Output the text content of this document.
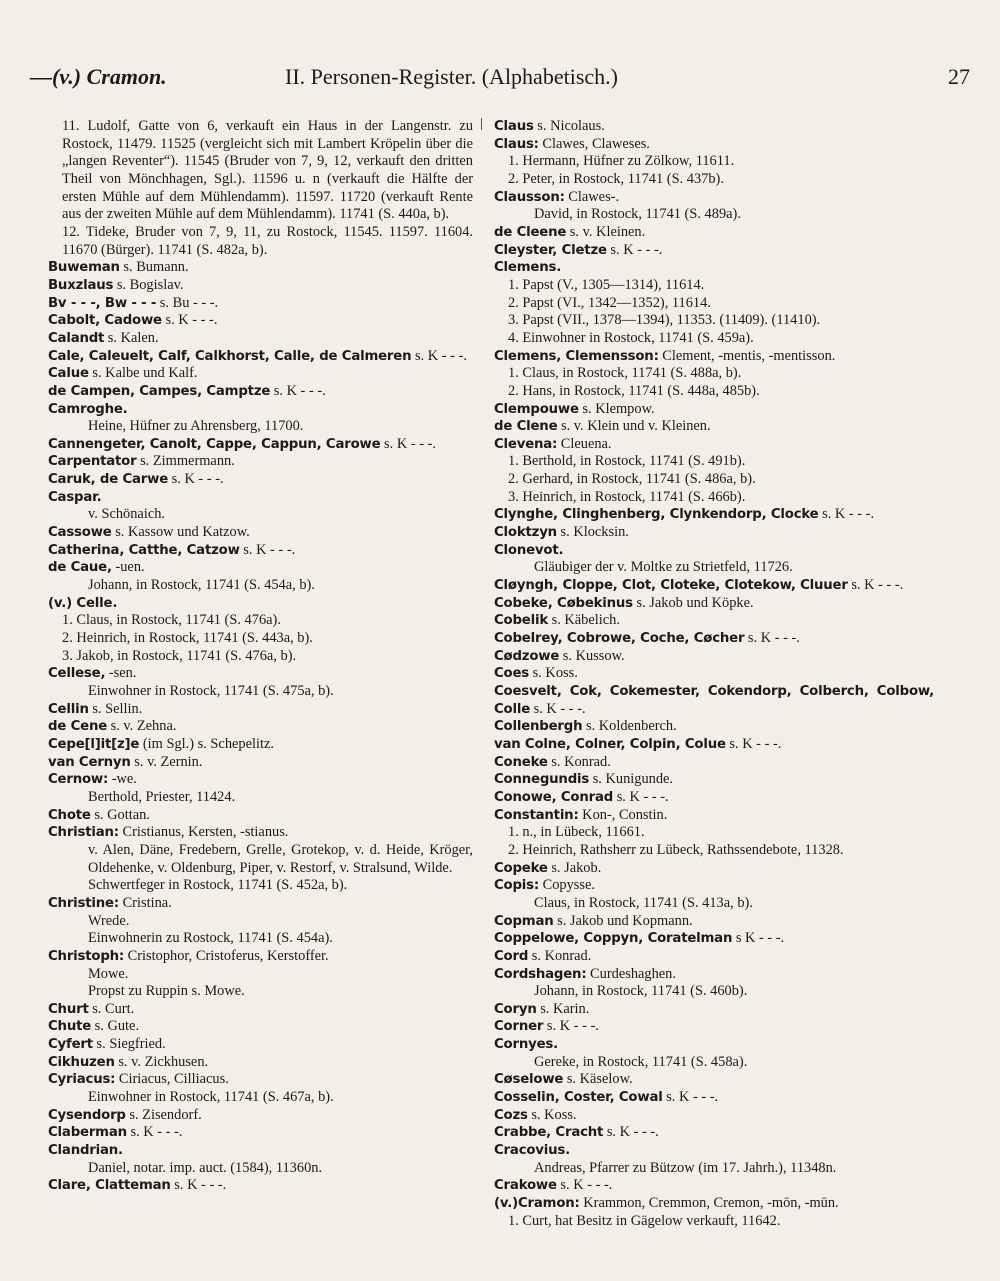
—(v.) Cramon.	II. Personen-Register. (Alphabetisch.)	27

11. Ludolf, Gatte von 6, verkauft ein Haus in der Langenstr. zu Rostock, 11479. 11525 (vergleicht sich mit Lambert Kröpelin über die „langen Reventer“). 11545 (Bruder von 7, 9, 12, verkauft den dritten Theil von Mönchhagen, Sgl.). 11596 u. n (verkauft die Hälfte der ersten Mühle auf dem Mühlendamm). 11597. 11720 (verkauft Rente aus der zweiten Mühle auf dem Mühlendamm). 11741 (S. 440a, b).

12. Tideke, Bruder von 7, 9, 11, zu Rostock, 11545. 11597. 11604. 11670 (Bürger). 11741 (S. 482a, b).

Buweman s. Bumann.

Buxzlaus s. Bogislav.

Bv - - -, Bw - - - s. Bu - - -.

Cabolt, Cadowe s. K - - -.

Calandt s. Kalen.

Cale, Caleuelt, Calf, Calkhorst, Calle, de Calmeren s. K - - -.

Calue s. Kalbe und Kalf.

de Campen, Campes, Camptze s. K - - -.

Camroghe.

Heine, Hüfner zu Ahrensberg, 11700.

Cannengeter, Canolt, Cappe, Cappun, Carowe s. K - - -.

Carpentator s. Zimmermann.

Caruk, de Carwe s. K - - -.

Caspar.

v. Schönaich.

Cassowe s. Kassow und Katzow.

Catherina, Catthe, Catzow s. K - - -.

de Caue, -uen.

Johann, in Rostock, 11741 (S. 454a, b).

(v.) Celle.

1. Claus, in Rostock, 11741 (S. 476a).

2. Heinrich, in Rostock, 11741 (S. 443a, b).

3. Jakob, in Rostock, 11741 (S. 476a, b).

Cellese, -sen.

Einwohner in Rostock, 11741 (S. 475a, b).

Cellin s. Sellin.

de Cene s. v. Zehna.

Cepe[l]it[z]e (im Sgl.) s. Schepelitz.

van Cernyn s. v. Zernin.

Cernow: -we.

Berthold, Priester, 11424.

Chote s. Gottan.

Christian: Cristianus, Kersten, -stianus.

v. Alen, Däne, Fredebern, Grelle, Grotekop, v. d. Heide, Kröger, Oldehenke, v. Oldenburg, Piper, v. Restorf, v. Stralsund, Wilde.

Schwertfeger in Rostock, 11741 (S. 452a, b).

Christine: Cristina.

Wrede.

Einwohnerin zu Rostock, 11741 (S. 454a).

Christoph: Cristophor, Cristoferus, Kerstoffer.

Mowe.

Propst zu Ruppin s. Mowe.

Churt s. Curt.

Chute s. Gute.

Cyfert s. Siegfried.

Cikhuzen s. v. Zickhusen.

Cyriacus: Ciriacus, Cilliacus.

Einwohner in Rostock, 11741 (S. 467a, b).

Cysendorp s. Zisendorf.

Claberman s. K - - -.

Clandrian.

Daniel, notar. imp. auct. (1584), 11360n.

Clare, Clatteman s. K - - -.

Claus s. Nicolaus.

Claus: Clawes, Claweses.

1. Hermann, Hüfner zu Zölkow, 11611.

2. Peter, in Rostock, 11741 (S. 437b).

Clausson: Clawes-.

David, in Rostock, 11741 (S. 489a).

de Cleene s. v. Kleinen.

Cleyster, Cletze s. K - - -.

Clemens.

1. Papst (V., 1305—1314), 11614.

2. Papst (VI., 1342—1352), 11614.

3. Papst (VII., 1378—1394), 11353. (11409). (11410).

4. Einwohner in Rostock, 11741 (S. 459a).

Clemens, Clemensson: Clement, -mentis, -mentisson.

1. Claus, in Rostock, 11741 (S. 488a, b).

2. Hans, in Rostock, 11741 (S. 448a, 485b).

Clempouwe s. Klempow.

de Clene s. v. Klein und v. Kleinen.

Clevena: Cleuena.

1. Berthold, in Rostock, 11741 (S. 491b).

2. Gerhard, in Rostock, 11741 (S. 486a, b).

3. Heinrich, in Rostock, 11741 (S. 466b).

Clynghe, Clinghenberg, Clynkendorp, Clocke s. K - - -.

Cloktzyn s. Klocksin.

Clonevot.

Gläubiger der v. Moltke zu Strietfeld, 11726.

Cløyngh, Cloppe, Clot, Cloteke, Clotekow, Cluuer s. K - - -.

Cobeke, Cøbekinus s. Jakob und Köpke.

Cobelik s. Käbelich.

Cobelrey, Cobrowe, Coche, Cøcher s. K - - -.

Cødzowe s. Kussow.

Coes s. Koss.

Coesvelt, Cok, Cokemester, Cokendorp, Colberch, Colbow, Colle s. K - - -.

Collenbergh s. Koldenberch.

van Colne, Colner, Colpin, Colue s. K - - -.

Coneke s. Konrad.

Connegundis s. Kunigunde.

Conowe, Conrad s. K - - -.

Constantin: Kon-, Constin.

1. n., in Lübeck, 11661.

2. Heinrich, Rathsherr zu Lübeck, Rathssendebote, 11328.

Copeke s. Jakob.

Copis: Copysse.

Claus, in Rostock, 11741 (S. 413a, b).

Copman s. Jakob und Kopmann.

Coppelowe, Coppyn, Coratelman s K - - -.

Cord s. Konrad.

Cordshagen: Curdeshaghen.

Johann, in Rostock, 11741 (S. 460b).

Coryn s. Karin.

Corner s. K - - -.

Cornyes.

Gereke, in Rostock, 11741 (S. 458a).

Cøselowe s. Käselow.

Cosselin, Coster, Cowal s. K - - -.

Cozs s. Koss.

Crabbe, Cracht s. K - - -.

Cracovius.

Andreas, Pfarrer zu Bützow (im 17. Jahrh.), 11348n.

Crakowe s. K - - -.

(v.)Cramon: Krammon, Cremmon, Cremon, -mōn, -mūn.

1. Curt, hat Besitz in Gägelow verkauft, 11642.
